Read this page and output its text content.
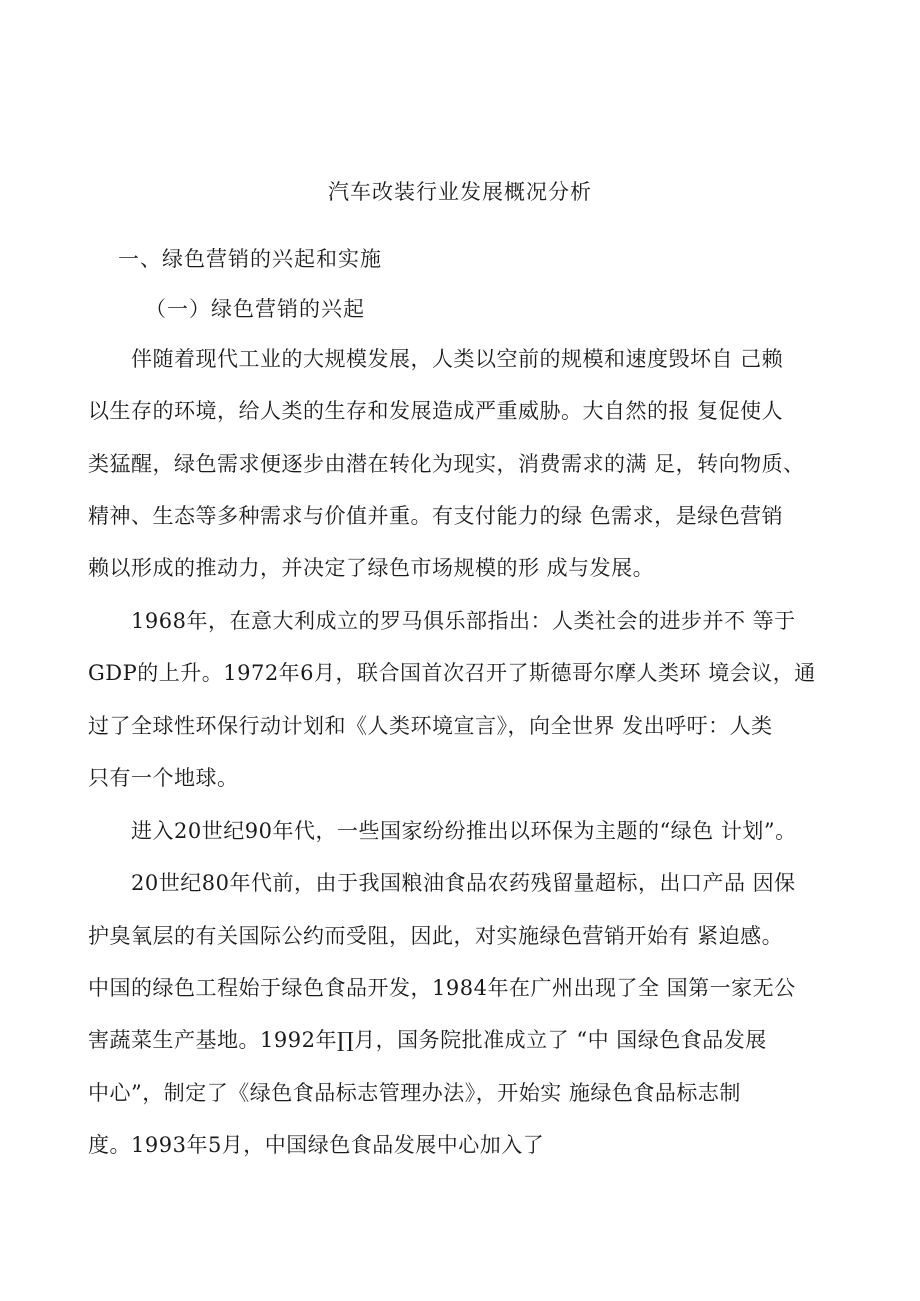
汽车改装行业发展概况分析
一、绿色营销的兴起和实施
（一）绿色营销的兴起
伴随着现代工业的大规模发展，人类以空前的规模和速度毁坏自 己赖
以生存的环境，给人类的生存和发展造成严重威胁。大自然的报 复促使人
类猛醒，绿色需求便逐步由潜在转化为现实，消费需求的满 足，转向物质、
精神、生态等多种需求与价值并重。有支付能力的绿 色需求，是绿色营销
赖以形成的推动力，并决定了绿色市场规模的形 成与发展。
1968年，在意大利成立的罗马俱乐部指出：人类社会的进步并不 等于
GDP的上升。1972年6月，联合国首次召开了斯德哥尔摩人类环 境会议，通
过了全球性环保行动计划和《人类环境宣言》，向全世界 发出呼吁：人类
只有一个地球。
进入20世纪90年代，一些国家纷纷推出以环保为主题的“绿色 计划”。
20世纪80年代前，由于我国粮油食品农药残留量超标，出口产品 因保
护臭氧层的有关国际公约而受阻，因此，对实施绿色营销开始有 紧迫感。
中国的绿色工程始于绿色食品开发，1984年在广州出现了全 国第一家无公
害蔬菜生产基地。1992年∏月，国务院批准成立了 “中 国绿色食品发展
中心”，制定了《绿色食品标志管理办法》，开始实 施绿色食品标志制
度。1993年5月，中国绿色食品发展中心加入了
